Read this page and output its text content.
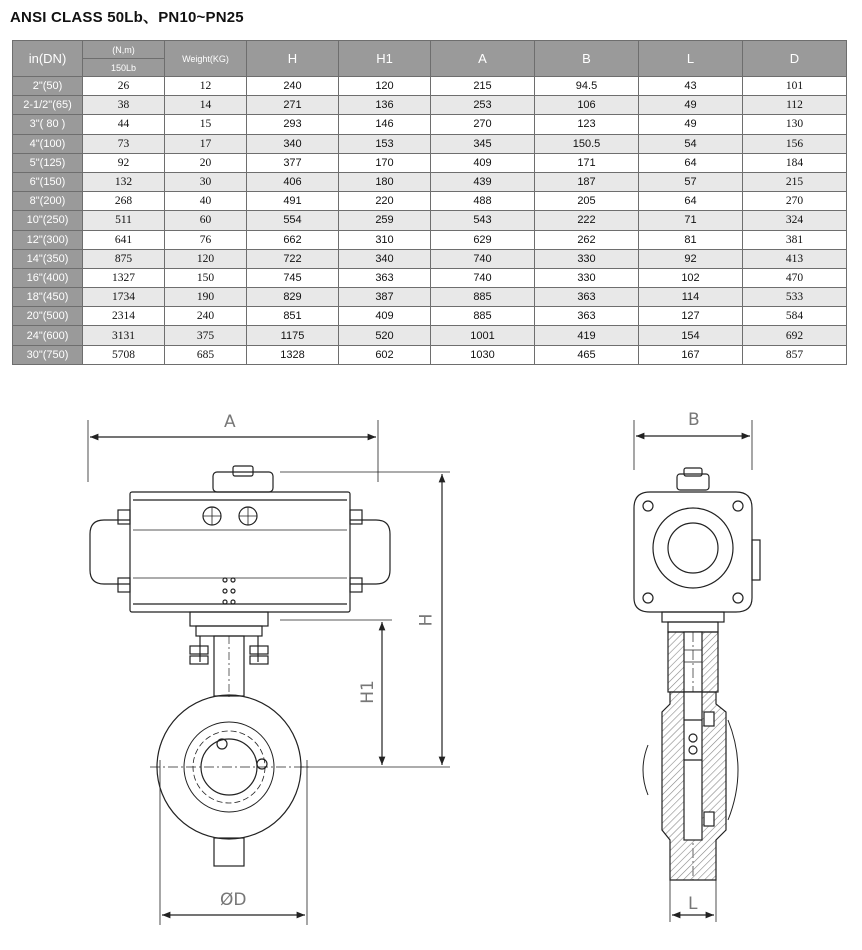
ANSI CLASS 50Lb、PN10~PN25
in(DN)	(N,m)	Weight(KG)	H	H1	A	B	L	D
	150Lb							
2"(50)	26	12	240	120	215	94.5	43	101
2-1/2"(65)	38	14	271	136	253	106	49	112
3"( 80 )	44	15	293	146	270	123	49	130
4"(100)	73	17	340	153	345	150.5	54	156
5"(125)	92	20	377	170	409	171	64	184
6"(150)	132	30	406	180	439	187	57	215
8"(200)	268	40	491	220	488	205	64	270
10"(250)	511	60	554	259	543	222	71	324
12"(300)	641	76	662	310	629	262	81	381
14"(350)	875	120	722	340	740	330	92	413
16"(400)	1327	150	745	363	740	330	102	470
18"(450)	1734	190	829	387	885	363	114	533
20"(500)	2314	240	851	409	885	363	127	584
24"(600)	3131	375	1175	520	1001	419	154	692
30"(750)	5708	685	1328	602	1030	465	167	857
A
H
H1
ØD
B
L
